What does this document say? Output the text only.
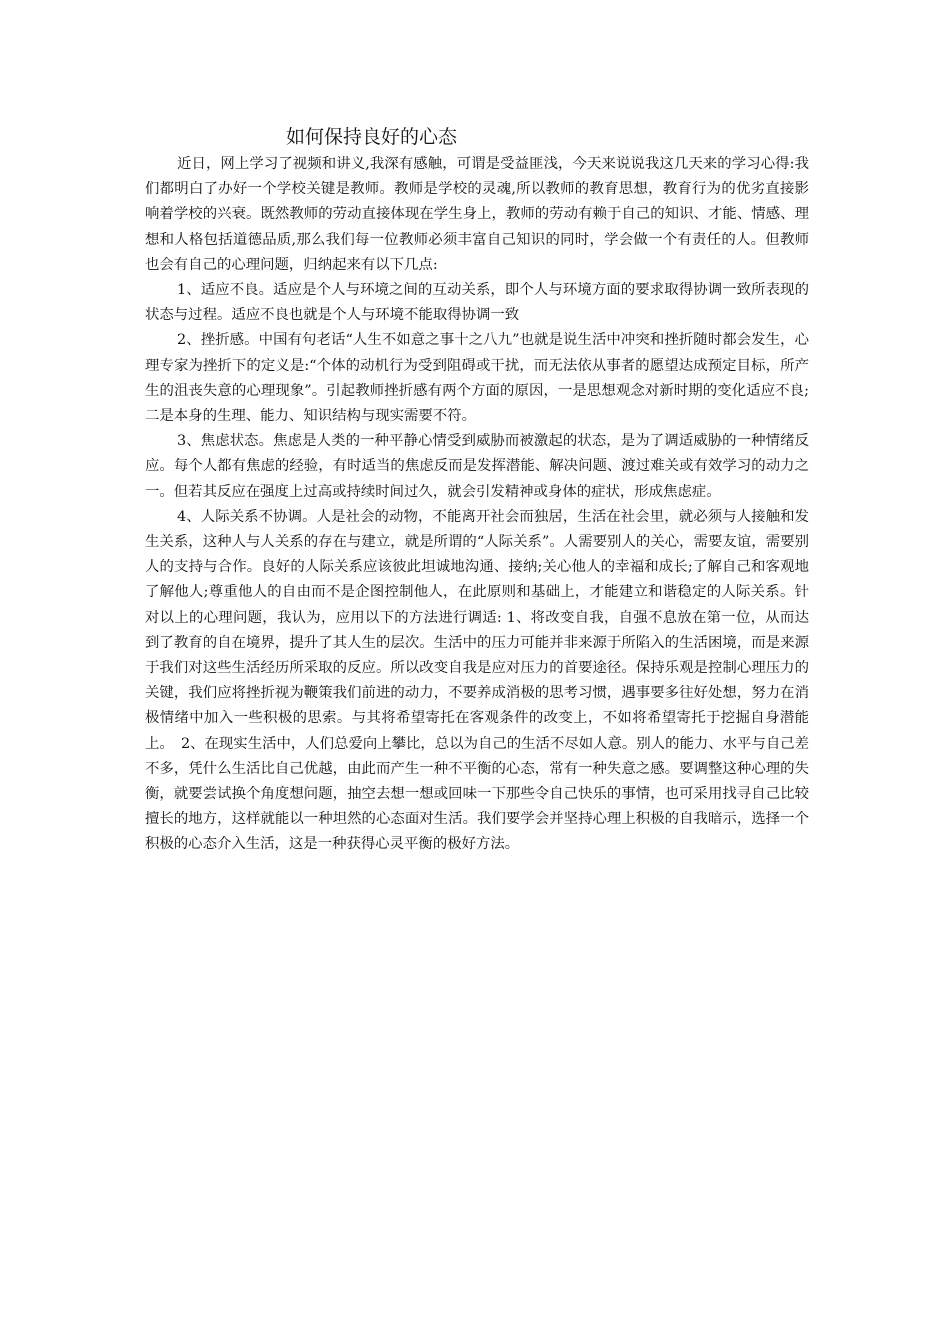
如何保持良好的心态

近日，网上学习了视频和讲义,我深有感触，可谓是受益匪浅，今天来说说我这几天来的学习心得:我们都明白了办好一个学校关键是教师。教师是学校的灵魂,所以教师的教育思想，教育行为的优劣直接影响着学校的兴衰。既然教师的劳动直接体现在学生身上，教师的劳动有赖于自己的知识、才能、情感、理想和人格包括道德品质,那么我们每一位教师必须丰富自己知识的同时，学会做一个有责任的人。但教师也会有自己的心理问题，归纳起来有以下几点:

1、适应不良。适应是个人与环境之间的互动关系，即个人与环境方面的要求取得协调一致所表现的状态与过程。适应不良也就是个人与环境不能取得协调一致

2、挫折感。中国有句老话“人生不如意之事十之八九”也就是说生活中冲突和挫折随时都会发生，心理专家为挫折下的定义是:“个体的动机行为受到阻碍或干扰，而无法依从事者的愿望达成预定目标，所产生的沮丧失意的心理现象”。引起教师挫折感有两个方面的原因，一是思想观念对新时期的变化适应不良;二是本身的生理、能力、知识结构与现实需要不符。

3、焦虑状态。焦虑是人类的一种平静心情受到威胁而被激起的状态，是为了调适威胁的一种情绪反应。每个人都有焦虑的经验，有时适当的焦虑反而是发挥潜能、解决问题、渡过难关或有效学习的动力之一。但若其反应在强度上过高或持续时间过久，就会引发精神或身体的症状，形成焦虑症。

4、人际关系不协调。人是社会的动物，不能离开社会而独居，生活在社会里，就必须与人接触和发生关系，这种人与人关系的存在与建立，就是所谓的“人际关系”。人需要别人的关心，需要友谊，需要别人的支持与合作。良好的人际关系应该彼此坦诚地沟通、接纳;关心他人的幸福和成长;了解自己和客观地了解他人;尊重他人的自由而不是企图控制他人，在此原则和基础上，才能建立和谐稳定的人际关系。针对以上的心理问题，我认为，应用以下的方法进行调适: 1、将改变自我，自强不息放在第一位，从而达到了教育的自在境界，提升了其人生的层次。生活中的压力可能并非来源于所陷入的生活困境，而是来源于我们对这些生活经历所采取的反应。所以改变自我是应对压力的首要途径。保持乐观是控制心理压力的关键，我们应将挫折视为鞭策我们前进的动力，不要养成消极的思考习惯，遇事要多往好处想，努力在消极情绪中加入一些积极的思索。与其将希望寄托在客观条件的改变上，不如将希望寄托于挖掘自身潜能上。　2、在现实生活中，人们总爱向上攀比，总以为自己的生活不尽如人意。别人的能力、水平与自己差不多，凭什么生活比自己优越，由此而产生一种不平衡的心态，常有一种失意之感。要调整这种心理的失衡，就要尝试换个角度想问题，抽空去想一想或回味一下那些令自己快乐的事情，也可采用找寻自己比较擅长的地方，这样就能以一种坦然的心态面对生活。我们要学会并坚持心理上积极的自我暗示，选择一个积极的心态介入生活，这是一种获得心灵平衡的极好方法。
